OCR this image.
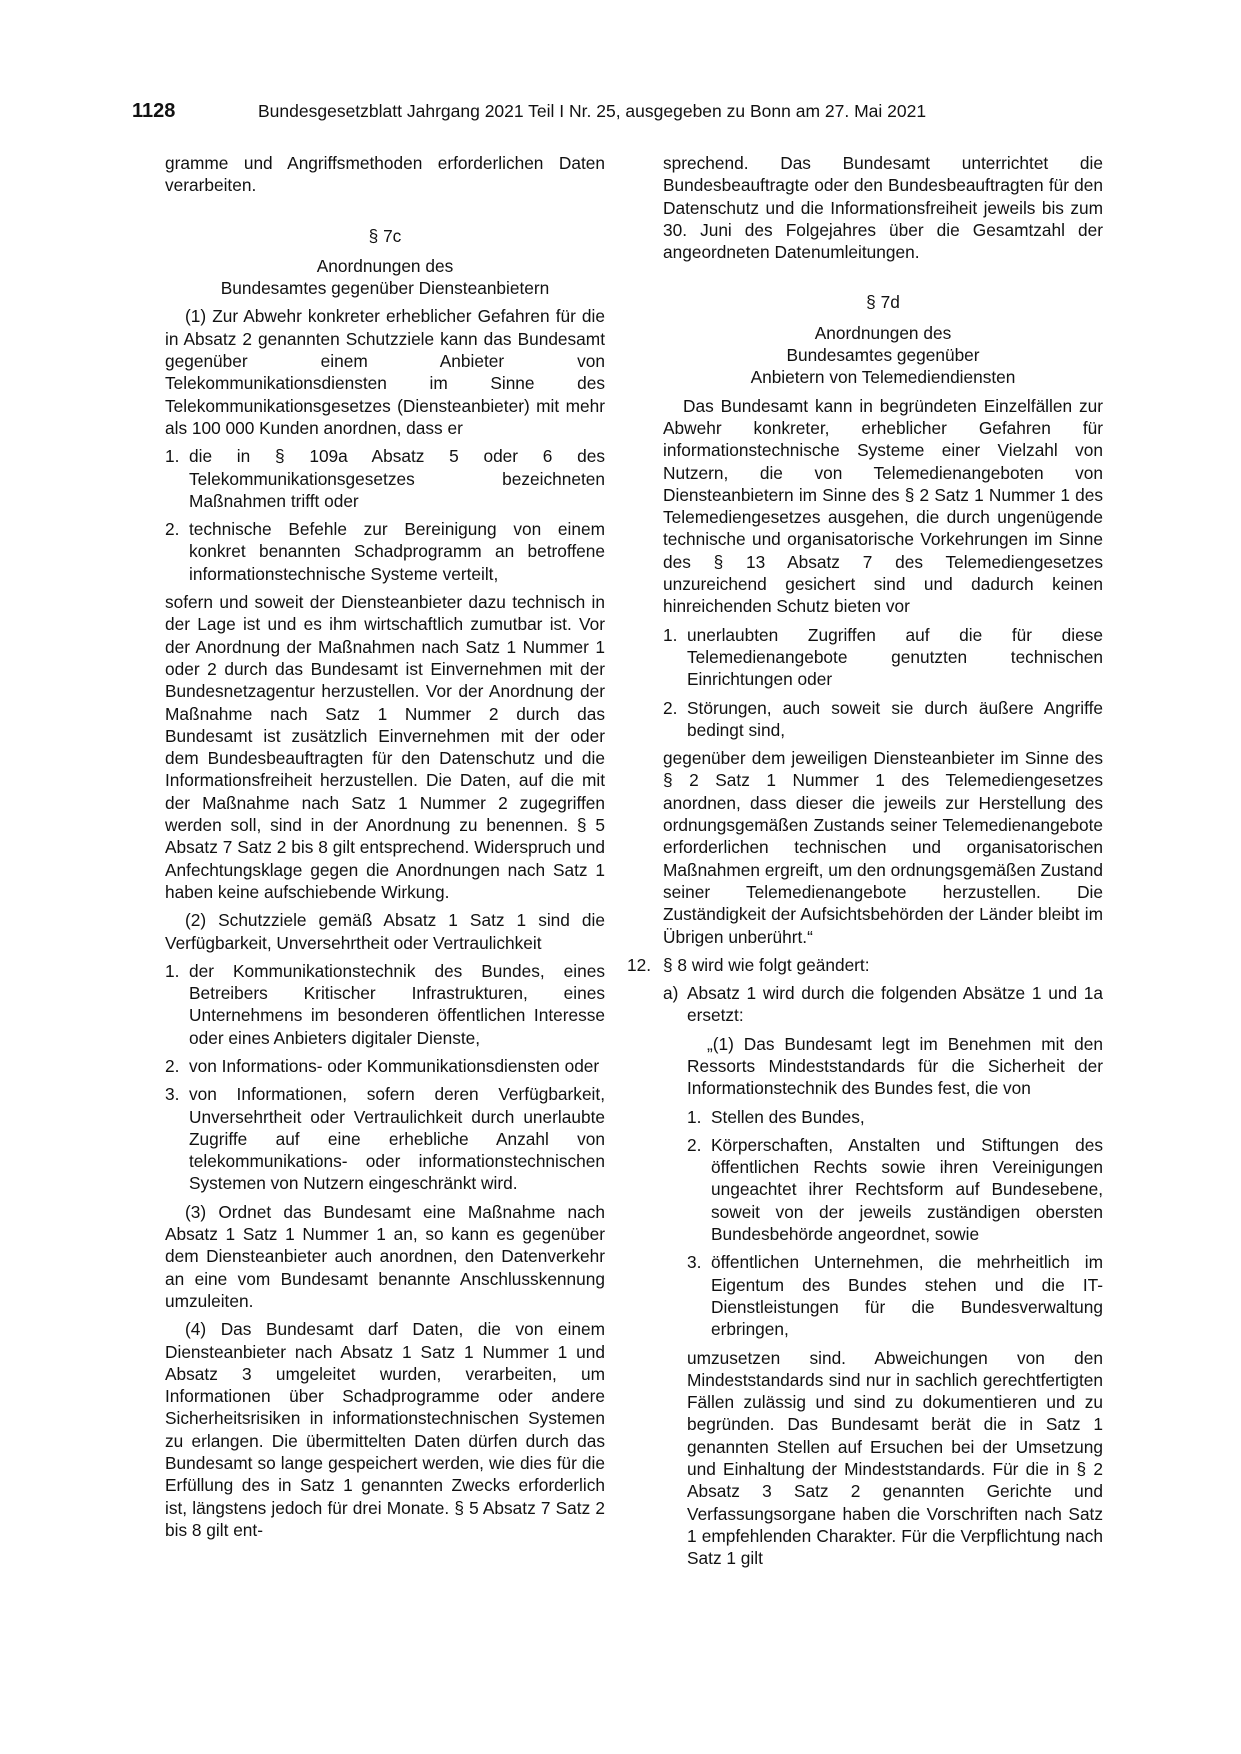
1128	Bundesgesetzblatt Jahrgang 2021 Teil I Nr. 25, ausgegeben zu Bonn am 27. Mai 2021

gramme und Angriffsmethoden erforderlichen Daten verarbeiten.

§ 7c
Anordnungen des
Bundesamtes gegenüber Diensteanbietern

(1) Zur Abwehr konkreter erheblicher Gefahren für die in Absatz 2 genannten Schutzziele kann das Bundesamt gegenüber einem Anbieter von Telekommunikationsdiensten im Sinne des Telekommunikationsgesetzes (Diensteanbieter) mit mehr als 100 000 Kunden anordnen, dass er

1. die in § 109a Absatz 5 oder 6 des Telekommunikationsgesetzes bezeichneten Maßnahmen trifft oder
2. technische Befehle zur Bereinigung von einem konkret benannten Schadprogramm an betroffene informationstechnische Systeme verteilt,

sofern und soweit der Diensteanbieter dazu technisch in der Lage ist und es ihm wirtschaftlich zumutbar ist. Vor der Anordnung der Maßnahmen nach Satz 1 Nummer 1 oder 2 durch das Bundesamt ist Einvernehmen mit der Bundesnetzagentur herzustellen. Vor der Anordnung der Maßnahme nach Satz 1 Nummer 2 durch das Bundesamt ist zusätzlich Einvernehmen mit der oder dem Bundesbeauftragten für den Datenschutz und die Informationsfreiheit herzustellen. Die Daten, auf die mit der Maßnahme nach Satz 1 Nummer 2 zugegriffen werden soll, sind in der Anordnung zu benennen. § 5 Absatz 7 Satz 2 bis 8 gilt entsprechend. Widerspruch und Anfechtungsklage gegen die Anordnungen nach Satz 1 haben keine aufschiebende Wirkung.

(2) Schutzziele gemäß Absatz 1 Satz 1 sind die Verfügbarkeit, Unversehrtheit oder Vertraulichkeit

1. der Kommunikationstechnik des Bundes, eines Betreibers Kritischer Infrastrukturen, eines Unternehmens im besonderen öffentlichen Interesse oder eines Anbieters digitaler Dienste,
2. von Informations- oder Kommunikationsdiensten oder
3. von Informationen, sofern deren Verfügbarkeit, Unversehrtheit oder Vertraulichkeit durch unerlaubte Zugriffe auf eine erhebliche Anzahl von telekommunikations- oder informationstechnischen Systemen von Nutzern eingeschränkt wird.

(3) Ordnet das Bundesamt eine Maßnahme nach Absatz 1 Satz 1 Nummer 1 an, so kann es gegenüber dem Diensteanbieter auch anordnen, den Datenverkehr an eine vom Bundesamt benannte Anschlusskennung umzuleiten.

(4) Das Bundesamt darf Daten, die von einem Diensteanbieter nach Absatz 1 Satz 1 Nummer 1 und Absatz 3 umgeleitet wurden, verarbeiten, um Informationen über Schadprogramme oder andere Sicherheitsrisiken in informationstechnischen Systemen zu erlangen. Die übermittelten Daten dürfen durch das Bundesamt so lange gespeichert werden, wie dies für die Erfüllung des in Satz 1 genannten Zwecks erforderlich ist, längstens jedoch für drei Monate. § 5 Absatz 7 Satz 2 bis 8 gilt ent-

sprechend. Das Bundesamt unterrichtet die Bundesbeauftragte oder den Bundesbeauftragten für den Datenschutz und die Informationsfreiheit jeweils bis zum 30. Juni des Folgejahres über die Gesamtzahl der angeordneten Datenumleitungen.

§ 7d
Anordnungen des
Bundesamtes gegenüber
Anbietern von Telemediendiensten

Das Bundesamt kann in begründeten Einzelfällen zur Abwehr konkreter, erheblicher Gefahren für informationstechnische Systeme einer Vielzahl von Nutzern, die von Telemedienangeboten von Diensteanbietern im Sinne des § 2 Satz 1 Nummer 1 des Telemediengesetzes ausgehen, die durch ungenügende technische und organisatorische Vorkehrungen im Sinne des § 13 Absatz 7 des Telemediengesetzes unzureichend gesichert sind und dadurch keinen hinreichenden Schutz bieten vor

1. unerlaubten Zugriffen auf die für diese Telemedienangebote genutzten technischen Einrichtungen oder
2. Störungen, auch soweit sie durch äußere Angriffe bedingt sind,

gegenüber dem jeweiligen Diensteanbieter im Sinne des § 2 Satz 1 Nummer 1 des Telemediengesetzes anordnen, dass dieser die jeweils zur Herstellung des ordnungsgemäßen Zustands seiner Telemedienangebote erforderlichen technischen und organisatorischen Maßnahmen ergreift, um den ordnungsgemäßen Zustand seiner Telemedienangebote herzustellen. Die Zuständigkeit der Aufsichtsbehörden der Länder bleibt im Übrigen unberührt.“

12. § 8 wird wie folgt geändert:
a) Absatz 1 wird durch die folgenden Absätze 1 und 1a ersetzt:

„(1) Das Bundesamt legt im Benehmen mit den Ressorts Mindeststandards für die Sicherheit der Informationstechnik des Bundes fest, die von

1. Stellen des Bundes,
2. Körperschaften, Anstalten und Stiftungen des öffentlichen Rechts sowie ihren Vereinigungen ungeachtet ihrer Rechtsform auf Bundesebene, soweit von der jeweils zuständigen obersten Bundesbehörde angeordnet, sowie
3. öffentlichen Unternehmen, die mehrheitlich im Eigentum des Bundes stehen und die IT-Dienstleistungen für die Bundesverwaltung erbringen,

umzusetzen sind. Abweichungen von den Mindeststandards sind nur in sachlich gerechtfertigten Fällen zulässig und sind zu dokumentieren und zu begründen. Das Bundesamt berät die in Satz 1 genannten Stellen auf Ersuchen bei der Umsetzung und Einhaltung der Mindeststandards. Für die in § 2 Absatz 3 Satz 2 genannten Gerichte und Verfassungsorgane haben die Vorschriften nach Satz 1 empfehlenden Charakter. Für die Verpflichtung nach Satz 1 gilt
